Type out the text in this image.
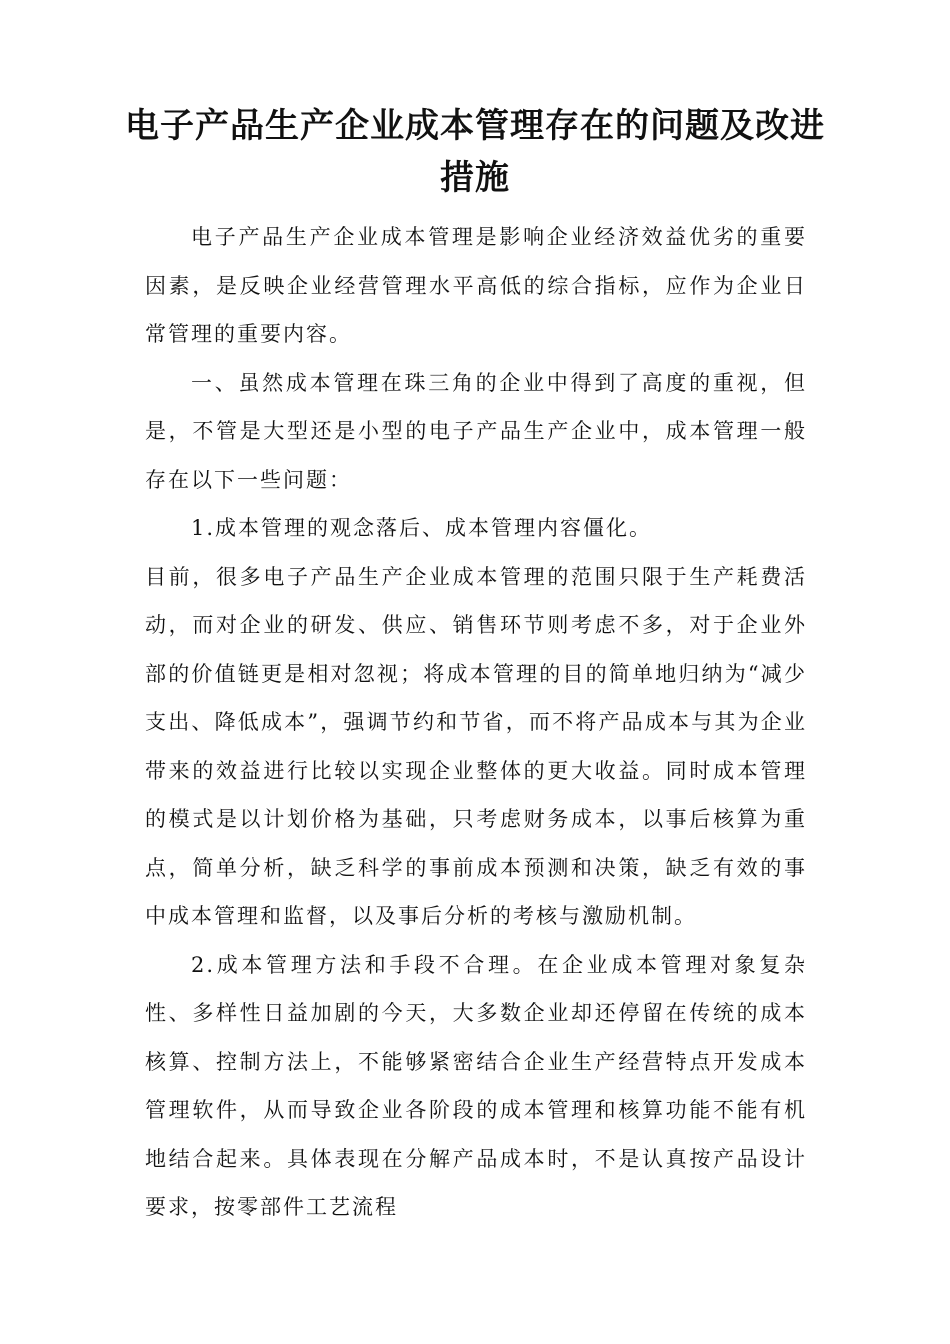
电子产品生产企业成本管理存在的问题及改进措施

电子产品生产企业成本管理是影响企业经济效益优劣的重要因素，是反映企业经营管理水平高低的综合指标，应作为企业日常管理的重要内容。

一、虽然成本管理在珠三角的企业中得到了高度的重视，但是，不管是大型还是小型的电子产品生产企业中，成本管理一般存在以下一些问题：

1.成本管理的观念落后、成本管理内容僵化。

目前，很多电子产品生产企业成本管理的范围只限于生产耗费活动，而对企业的研发、供应、销售环节则考虑不多，对于企业外部的价值链更是相对忽视；将成本管理的目的简单地归纳为“减少支出、降低成本”，强调节约和节省，而不将产品成本与其为企业带来的效益进行比较以实现企业整体的更大收益。同时成本管理的模式是以计划价格为基础，只考虑财务成本，以事后核算为重点，简单分析，缺乏科学的事前成本预测和决策，缺乏有效的事中成本管理和监督，以及事后分析的考核与激励机制。

2.成本管理方法和手段不合理。在企业成本管理对象复杂性、多样性日益加剧的今天，大多数企业却还停留在传统的成本核算、控制方法上，不能够紧密结合企业生产经营特点开发成本管理软件，从而导致企业各阶段的成本管理和核算功能不能有机地结合起来。具体表现在分解产品成本时，不是认真按产品设计要求，按零部件工艺流程
